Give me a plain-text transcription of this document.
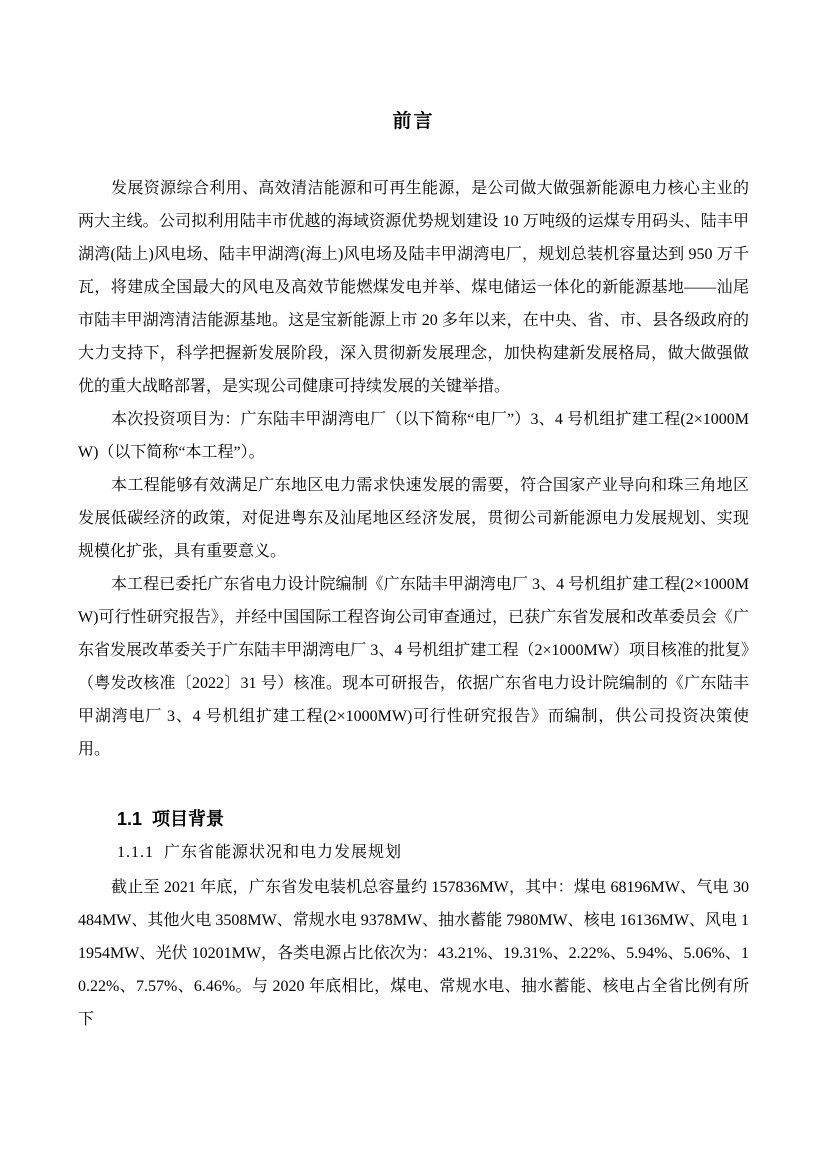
前言

发展资源综合利用、高效清洁能源和可再生能源，是公司做大做强新能源电力核心主业的两大主线。公司拟利用陆丰市优越的海域资源优势规划建设 10 万吨级的运煤专用码头、陆丰甲湖湾(陆上)风电场、陆丰甲湖湾(海上)风电场及陆丰甲湖湾电厂，规划总装机容量达到 950 万千瓦，将建成全国最大的风电及高效节能燃煤发电并举、煤电储运一体化的新能源基地——汕尾市陆丰甲湖湾清洁能源基地。这是宝新能源上市 20 多年以来，在中央、省、市、县各级政府的大力支持下，科学把握新发展阶段，深入贯彻新发展理念，加快构建新发展格局，做大做强做优的重大战略部署，是实现公司健康可持续发展的关键举措。

本次投资项目为：广东陆丰甲湖湾电厂（以下简称“电厂”）3、4 号机组扩建工程(2×1000MW)（以下简称“本工程”）。

本工程能够有效满足广东地区电力需求快速发展的需要，符合国家产业导向和珠三角地区发展低碳经济的政策，对促进粤东及汕尾地区经济发展，贯彻公司新能源电力发展规划、实现规模化扩张，具有重要意义。

本工程已委托广东省电力设计院编制《广东陆丰甲湖湾电厂 3、4 号机组扩建工程(2×1000MW)可行性研究报告》，并经中国国际工程咨询公司审查通过，已获广东省发展和改革委员会《广东省发展改革委关于广东陆丰甲湖湾电厂 3、4 号机组扩建工程（2×1000MW）项目核准的批复》（粤发改核准〔2022〕31 号）核准。现本可研报告，依据广东省电力设计院编制的《广东陆丰甲湖湾电厂 3、4 号机组扩建工程(2×1000MW)可行性研究报告》而编制，供公司投资决策使用。

1.1  项目背景
1.1.1  广东省能源状况和电力发展规划

截止至 2021 年底，广东省发电装机总容量约 157836MW，其中：煤电 68196MW、气电 30484MW、其他火电 3508MW、常规水电 9378MW、抽水蓄能 7980MW、核电 16136MW、风电 11954MW、光伏 10201MW，各类电源占比依次为：43.21%、19.31%、2.22%、5.94%、5.06%、10.22%、7.57%、6.46%。与 2020 年底相比，煤电、常规水电、抽水蓄能、核电占全省比例有所下
